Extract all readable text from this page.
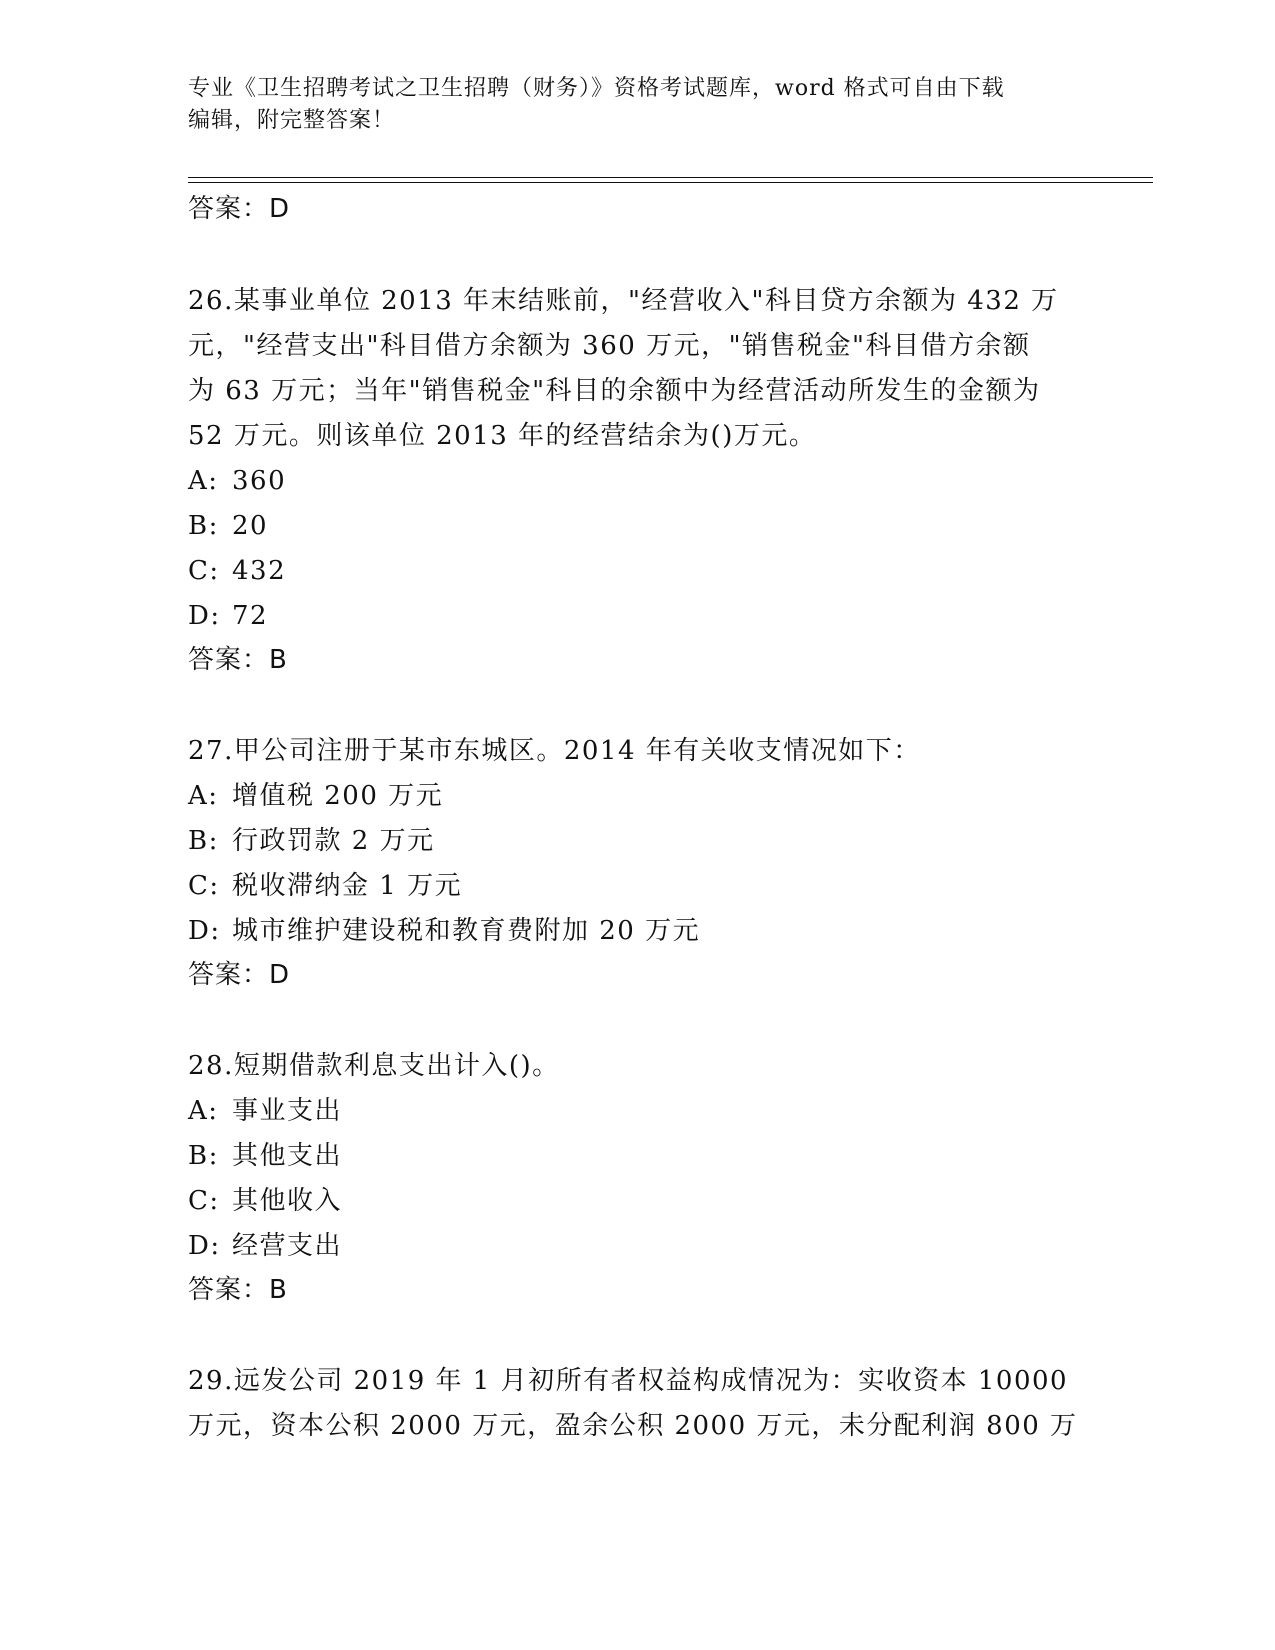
专业《卫生招聘考试之卫生招聘（财务）》资格考试题库，word 格式可自由下载
编辑，附完整答案！
答案：D
26.某事业单位 2013 年末结账前，"经营收入"科目贷方余额为 432 万
元，"经营支出"科目借方余额为 360 万元，"销售税金"科目借方余额
为 63 万元；当年"销售税金"科目的余额中为经营活动所发生的金额为
52 万元。则该单位 2013 年的经营结余为()万元。
A: 360
B: 20
C: 432
D: 72
答案：B
27.甲公司注册于某市东城区。2014 年有关收支情况如下：
A: 增值税 200 万元
B: 行政罚款 2 万元
C: 税收滞纳金 1 万元
D: 城市维护建设税和教育费附加 20 万元
答案：D
28.短期借款利息支出计入()。
A: 事业支出
B: 其他支出
C: 其他收入
D: 经营支出
答案：B
29.远发公司 2019 年 1 月初所有者权益构成情况为：实收资本 10000
万元，资本公积 2000 万元，盈余公积 2000 万元，未分配利润 800 万
